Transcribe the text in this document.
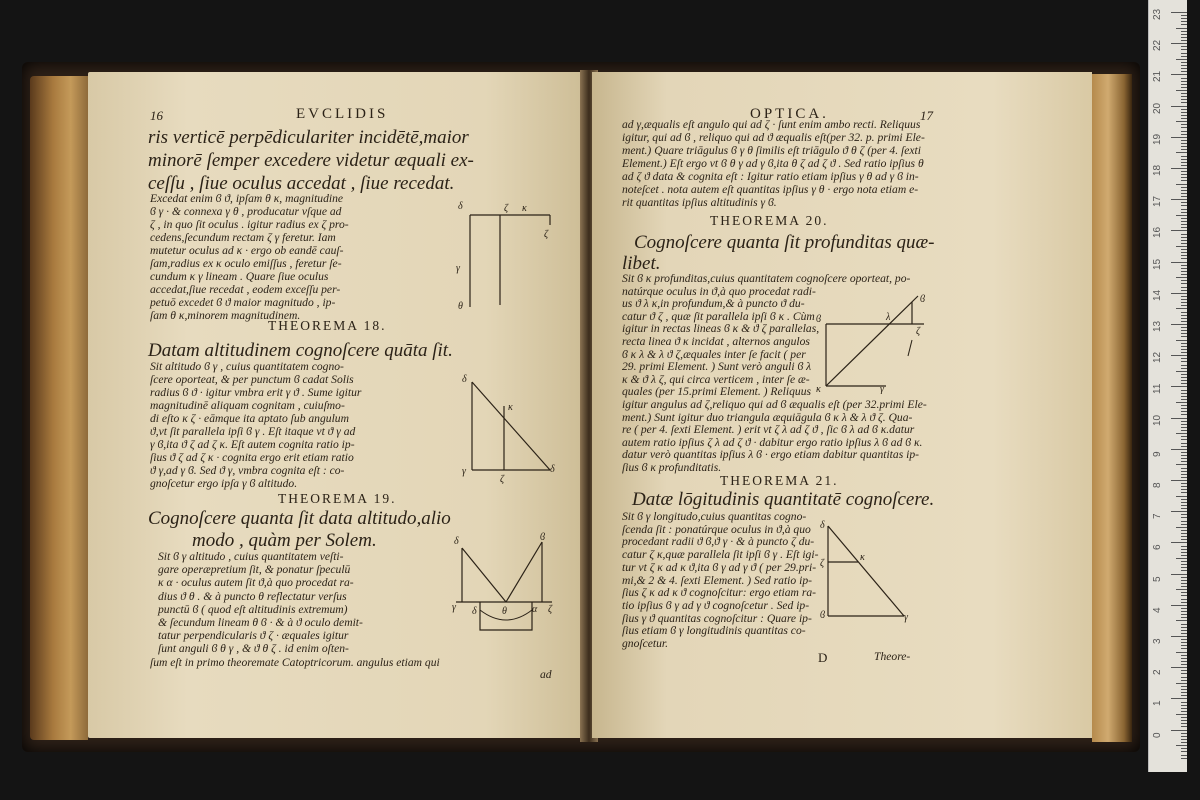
16	EVCLIDIS
ris verticē perpēdiculariter incidētē,maior
minorē ſemper excedere videtur æquali ex-
ceſſu , ſiue oculus accedat , ſiue recedat.
Excedat enim ϐ ϑ, ipſam θ κ, magnitudine
ϐ γ · & connexa γ θ , producatur vſque ad
ζ , in quo ſit oculus . igitur radius ex ζ pro-
cedens,ſecundum rectam ζ γ feretur. Iam
mutetur oculus ad κ · ergo ob eandē cauſ-
ſam,radius ex κ oculo emiſſus , feretur ſe-
cundum κ γ lineam . Quare ſiue oculus
accedat,ſiue recedat , eodem exceſſu per-
petuō excedet ϐ ϑ maior magnitudo , ip-
ſam θ κ,minorem magnitudinem.
THEOREMA 18.
Datam altitudinem cognoſcere quāta ſit.
Sit altitudo ϐ γ , cuius quantitatem cogno-
ſcere oporteat, & per punctum ϐ cadat Solis
radius ϐ ϑ · igitur vmbra erit γ ϑ . Sume igitur
magnitudinē aliquam cognitam , cuiuſmo-
di eſto κ ζ · eāmque ita aptato ſub angulum
ϑ,vt ſit parallela ipſi ϐ γ . Eſt itaque vt ϑ γ ad
γ ϐ,ita ϑ ζ ad ζ κ. Eſt autem cognita ratio ip-
ſius ϑ ζ ad ζ κ · cognita ergo erit etiam ratio
ϑ γ,ad γ ϐ. Sed ϑ γ, vmbra cognita eſt : co-
gnoſcetur ergo ipſa γ ϐ altitudo.
THEOREMA 19.
Cognoſcere quanta ſit data altitudo,alio
modo , quàm per Solem.
Sit ϐ γ altitudo , cuius quantitatem veſti-
gare operæpretium ſit, & ponatur ſpeculū
κ α · oculus autem ſit ϑ,à quo procedat ra-
dius ϑ θ . & à puncto θ reflectatur verſus
punctū ϐ ( quod eſt altitudinis extremum)
& ſecundum lineam θ ϐ · & à ϑ oculo demit-
tatur perpendicularis ϑ ζ · æquales igitur
ſunt anguli ϐ θ γ , & ϑ θ ζ . id enim oſten-
ſum eſt in primo theoremate Catoptricorum. angulus etiam qui
ad
δ	ζ
γ
θ
κ
ζ
δ
κ
γ
ζ
δ
δ	ϐ
γ	θ	α
δ	ζ
OPTICA.	17
ad γ,æqualis eſt angulo qui ad ζ · ſunt enim ambo recti. Reliquus
igitur, qui ad ϐ , reliquo qui ad ϑ æqualis eſt(per 32. p. primi Ele-
ment.) Quare triāgulus ϐ γ θ ſimilis eſt triāgulo ϑ θ ζ (per 4. ſexti
Element.) Eſt ergo vt ϐ θ γ ad γ ϐ,ita θ ζ ad ζ ϑ . Sed ratio ipſius θ
ad ζ ϑ data & cognita eſt : Igitur ratio etiam ipſius γ θ ad γ ϐ in-
noteſcet . nota autem eſt quantitas ipſius γ θ · ergo nota etiam e-
rit quantitas ipſius altitudinis γ ϐ.
THEOREMA 20.
Cognoſcere quanta ſit profunditas quæ-
libet.
Sit ϐ κ profunditas,cuius quantitatem cognoſcere oporteat, po-
natúrque oculus in ϑ,à quo procedat radi-
us ϑ λ κ,in profundum,& à puncto ϑ du-
catur ϑ ζ , quæ ſit parallela ipſi ϐ κ . Cùm
igitur in rectas lineas ϐ κ & ϑ ζ parallelas,
recta linea ϑ κ incidat , alternos angulos
ϐ κ λ & λ ϑ ζ,æquales inter ſe facit ( per
29. primi Element. ) Sunt verò anguli ϐ λ
κ & ϑ λ ζ, qui circa verticem , inter ſe æ-
quales (per 15.primi Element. ) Reliquus
igitur angulus ad ζ,reliquo qui ad ϐ æqualis eſt (per 32.primi Ele-
ment.) Sunt igitur duo triangula æquiāgula ϐ κ λ & λ ϑ ζ. Qua-
re ( per 4. ſexti Element. ) erit vt ζ λ ad ζ ϑ , ſic ϐ λ ad ϐ κ.datur
autem ratio ipſius ζ λ ad ζ ϑ · dabitur ergo ratio ipſius λ ϐ ad ϐ κ.
datur verò quantitas ipſius λ ϐ · ergo etiam dabitur quantitas ip-
ſius ϐ κ profunditatis.
THEOREMA 21.
Datæ lōgitudinis quantitatē cognoſcere.
Sit ϐ γ longitudo,cuius quantitas cogno-
ſcenda ſit : ponatúrque oculus in ϑ,à quo
procedant radii ϑ ϐ,ϑ γ · & à puncto ζ du-
catur ζ κ,quæ parallela ſit ipſi ϐ γ . Eſt igi-
tur vt ζ κ ad κ ϑ,ita ϐ γ ad γ ϑ ( per 29.pri-
mi,& 2 & 4. ſexti Element. ) Sed ratio ip-
ſius ζ κ ad κ ϑ cognoſcitur: ergo etiam ra-
tio ipſius ϐ γ ad γ ϑ cognoſcetur . Sed ip-
ſius γ ϑ quantitas cognoſcitur : Quare ip-
ſius etiam ϐ γ longitudinis quantitas co-
gnoſcetur.
D	Theore-
ϐ	λ
ζ
ϐ
κ	γ
δ
ζ
κ
ϐ	γ
23
22
21
20
19
18
17
16
15
14
13
12
11
10
9
8
7
6
5
4
3
2
1
0
